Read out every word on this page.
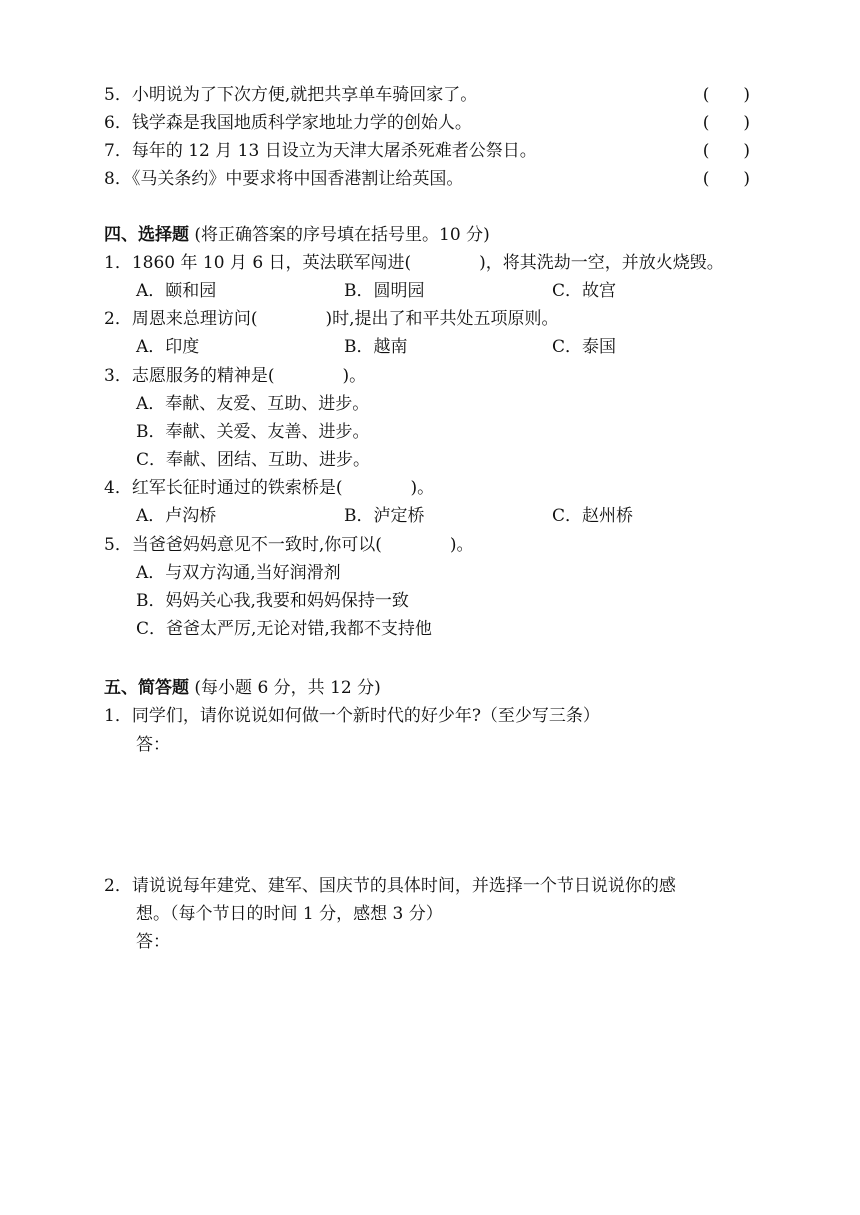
5．小明说为了下次方便,就把共享单车骑回家了。	(　　)
6．钱学森是我国地质科学家地址力学的创始人。	(　　)
7．每年的 12 月 13 日设立为天津大屠杀死难者公祭日。	(　　)
8．《马关条约》中要求将中国香港割让给英国。	(　　)
四、选择题 (将正确答案的序号填在括号里。10 分)
1．1860 年 10 月 6 日，英法联军闯进(　　　　)，将其洗劫一空，并放火烧毁。
A．颐和园	B．圆明园	C．故宫
2．周恩来总理访问(　　　　)时,提出了和平共处五项原则。
A．印度	B．越南	C．泰国
3．志愿服务的精神是(　　　　)。
A．奉献、友爱、互助、进步。
B．奉献、关爱、友善、进步。
C．奉献、团结、互助、进步。
4．红军长征时通过的铁索桥是(　　　　)。
A．卢沟桥	B．泸定桥	C．赵州桥
5．当爸爸妈妈意见不一致时,你可以(　　　　)。
A．与双方沟通,当好润滑剂
B．妈妈关心我,我要和妈妈保持一致
C．爸爸太严厉,无论对错,我都不支持他
五、简答题 (每小题 6 分，共 12 分)
1．同学们，请你说说如何做一个新时代的好少年?（至少写三条）
答：
2．请说说每年建党、建军、国庆节的具体时间，并选择一个节日说说你的感
想。（每个节日的时间 1 分，感想 3 分）
答：
